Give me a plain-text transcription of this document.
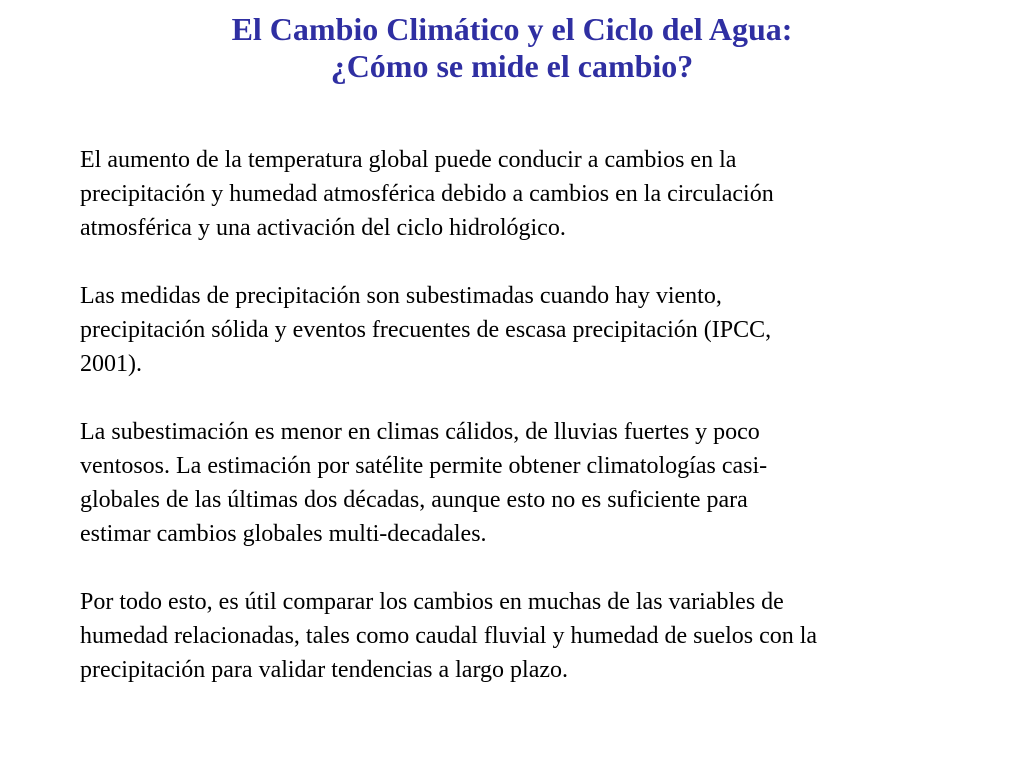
El Cambio Climático y el Ciclo del Agua:
¿Cómo se mide el cambio?
El aumento de la temperatura global puede conducir a cambios en la
precipitación y humedad atmosférica debido a cambios en la circulación
atmosférica y una activación del ciclo hidrológico.
Las medidas de precipitación son subestimadas cuando hay viento,
precipitación sólida y eventos frecuentes de escasa precipitación (IPCC,
2001).
La subestimación es menor en climas cálidos, de lluvias fuertes y poco
ventosos. La estimación por satélite permite obtener climatologías casi-
globales de las últimas dos décadas, aunque esto no es suficiente para
estimar cambios globales multi-decadales.
Por todo esto, es útil comparar los cambios en muchas de las variables de
humedad relacionadas, tales como caudal fluvial y humedad de suelos con la
precipitación para validar tendencias a largo plazo.
